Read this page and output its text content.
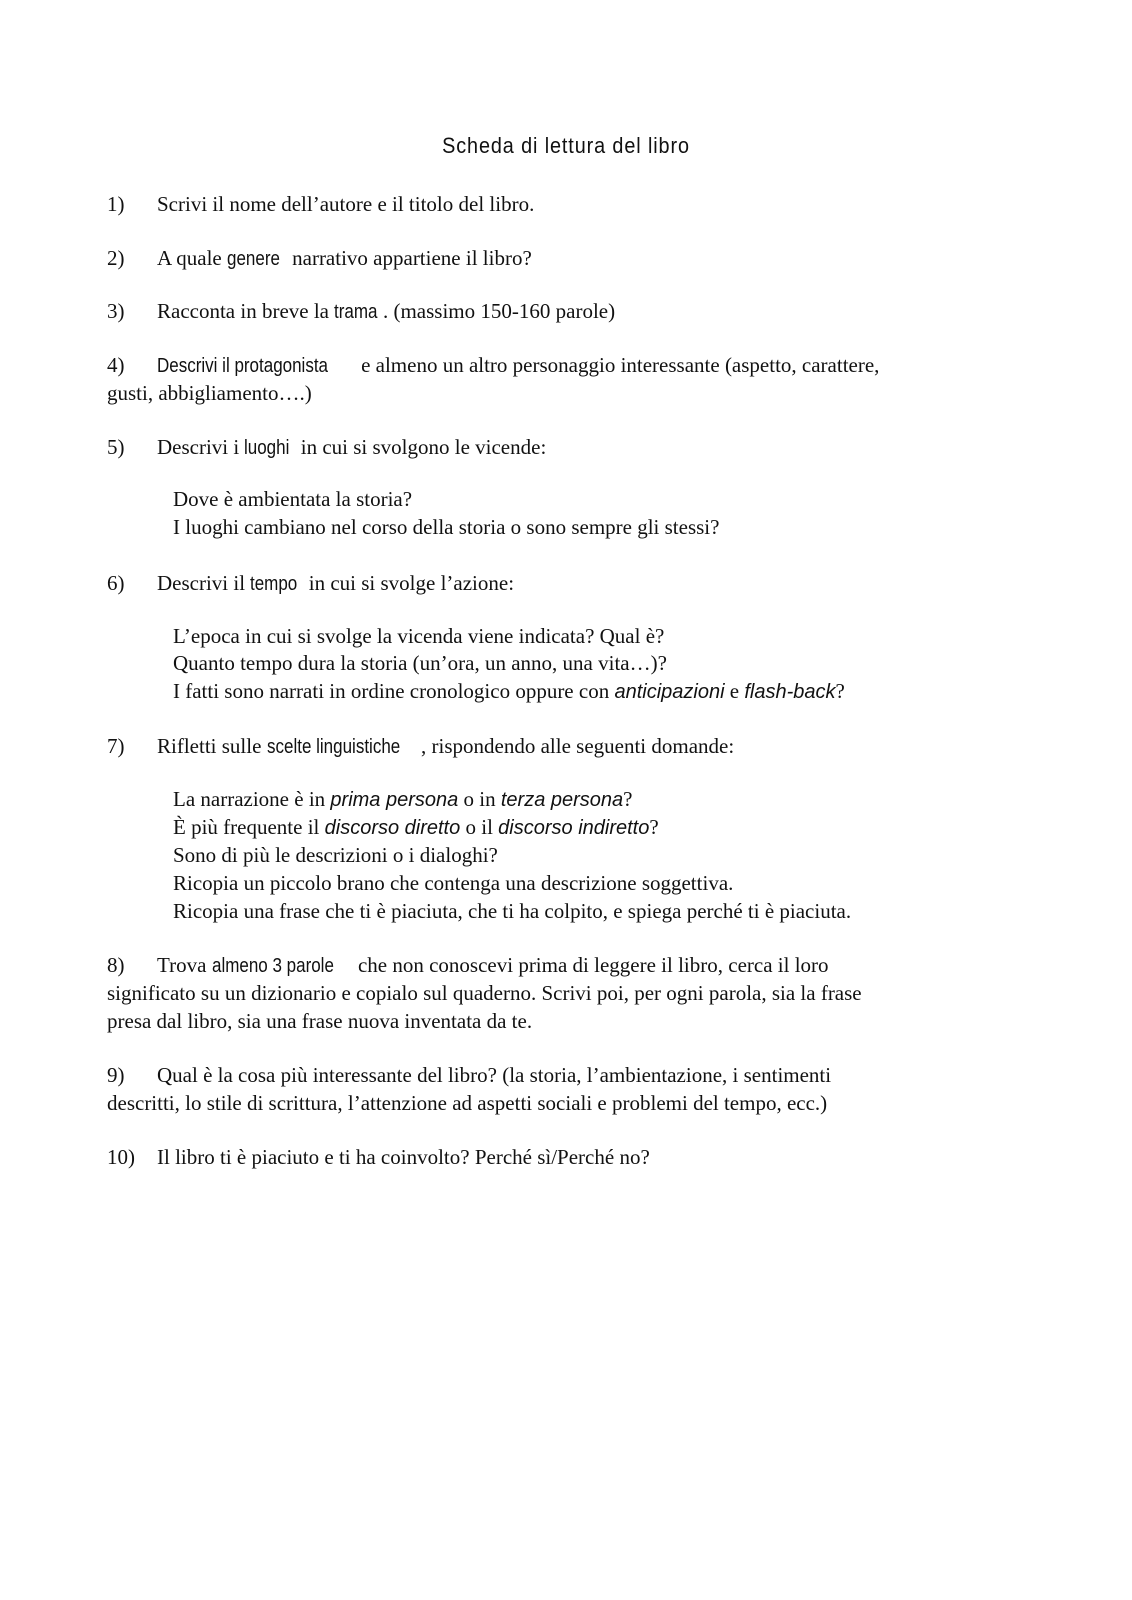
Scheda di lettura del libro
1) Scrivi il nome dell’autore e il titolo del libro.
2) A quale genere narrativo appartiene il libro?
3) Racconta in breve la trama . (massimo 150-160 parole)
4) Descrivi il protagonista e almeno un altro personaggio interessante (aspetto, carattere,
gusti, abbigliamento….)
5) Descrivi i luoghi in cui si svolgono le vicende:
Dove è ambientata la storia?
I luoghi cambiano nel corso della storia o sono sempre gli stessi?
6) Descrivi il tempo in cui si svolge l’azione:
L’epoca in cui si svolge la vicenda viene indicata? Qual è?
Quanto tempo dura la storia (un’ora, un anno, una vita…)?
I fatti sono narrati in ordine cronologico oppure con anticipazioni e flash-back?
7) Rifletti sulle scelte linguistiche , rispondendo alle seguenti domande:
La narrazione è in prima persona o in terza persona?
È più frequente il discorso diretto o il discorso indiretto?
Sono di più le descrizioni o i dialoghi?
Ricopia un piccolo brano che contenga una descrizione soggettiva.
Ricopia una frase che ti è piaciuta, che ti ha colpito, e spiega perché ti è piaciuta.
8) Trova almeno 3 parole che non conoscevi prima di leggere il libro, cerca il loro
significato su un dizionario e copialo sul quaderno. Scrivi poi, per ogni parola, sia la frase
presa dal libro, sia una frase nuova inventata da te.
9) Qual è la cosa più interessante del libro? (la storia, l’ambientazione, i sentimenti
descritti, lo stile di scrittura, l’attenzione ad aspetti sociali e problemi del tempo, ecc.)
10) Il libro ti è piaciuto e ti ha coinvolto? Perché sì/Perché no?
